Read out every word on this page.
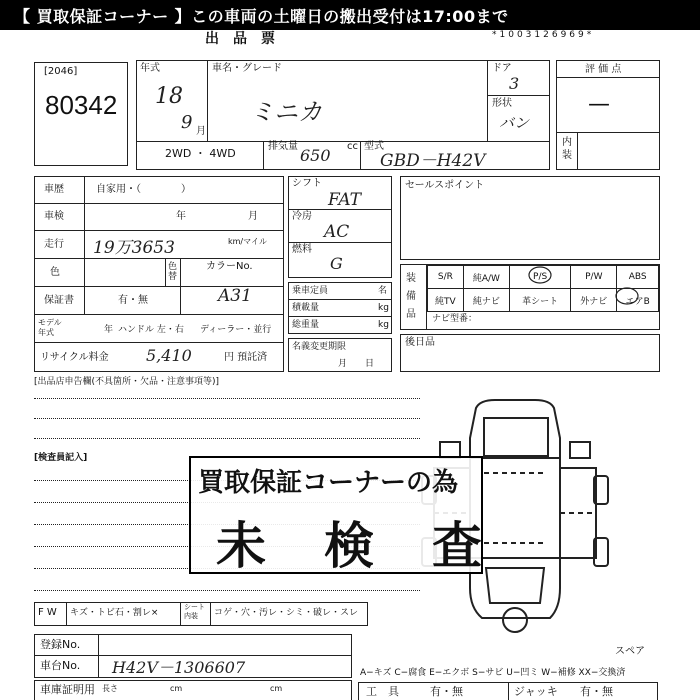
【 買取保証コーナー 】この車両の土曜日の搬出受付は17:00まで
出　品　票	*1003126969*
[2046]
80342
年式
18
9 月
車名・グレード
ミニカ
ドア
3
形状
バン
2WD ・ 4WD
排気量 650 cc 型式
GBD－H42V
評 価 点
—
内装
車歴	自家用・（　　　　）
車検	年	月
走行 19万3653	km/マイル
色	色替
カラーNo.
A31
保証書	有・無
モデル年式	年 ハンドル 左・右 ディーラー・並行
リサイクル料金 5,410	円 預託済
シフト
FAT
冷房
AC
燃料
G
乗車定員	名
積載量	kg
総重量	kg
名義変更期限
月　　日
セールスポイント
装備品
S/R	純A/W	P/S	P/W	ABS
純TV	純ナビ	革シート	外ナビ	エアB
ナビ型番：
後日品
[出品店申告欄(不具箇所・欠品・注意事項等)]
[検査員記入]
スペア
買取保証コーナーの為
未　検　査
F W キズ・トビ石・割レ×
シート内装	コゲ・穴・汚レ・シミ・破レ・スレ
登録No.
車台No. H42V－1306607	A−キズ C−腐食 E−エクボ S−サビ U−凹ミ W−補修 XX−交換済
車庫証明用 長さ	cm	cm	工　具	有・無	ジャッキ 有・無
